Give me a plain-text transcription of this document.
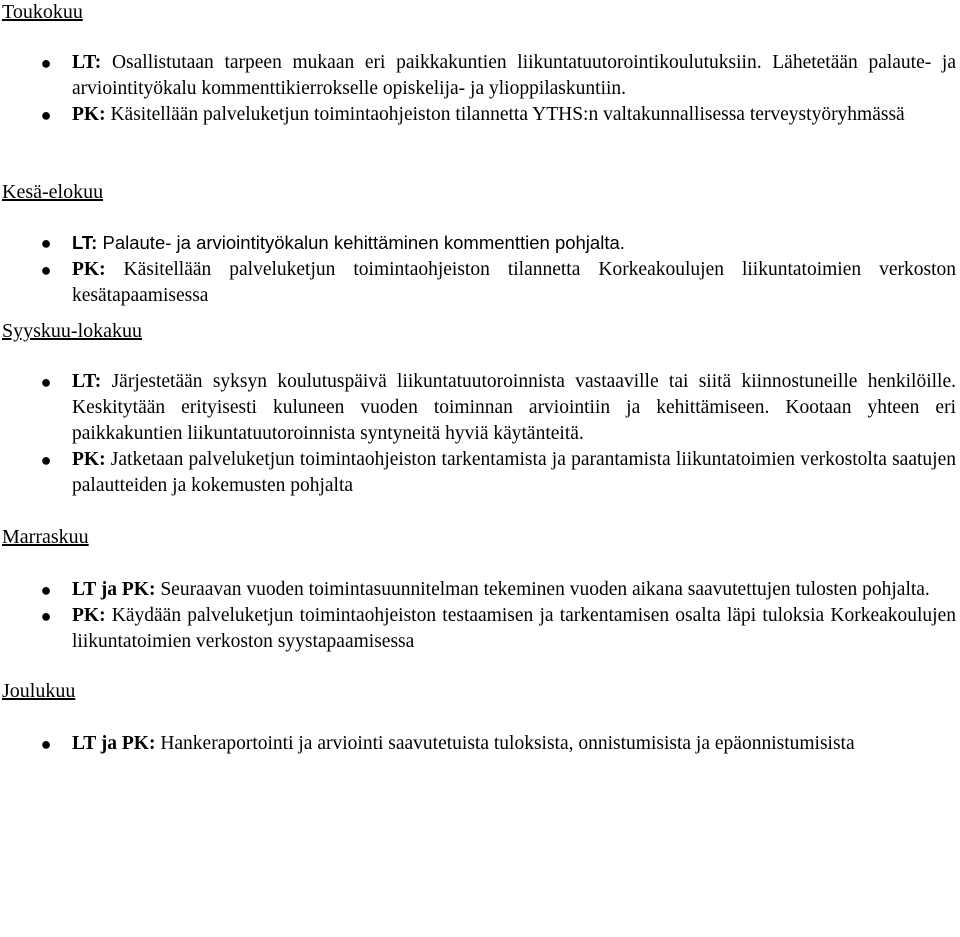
Toukokuu

● LT: Osallistutaan tarpeen mukaan eri paikkakuntien liikuntatuutorointikoulutuksiin. Lähetetään palaute- ja arviointityökalu kommenttikierrokselle opiskelija- ja ylioppilaskuntiin.
● PK: Käsitellään palveluketjun toimintaohjeiston tilannetta YTHS:n valtakunnallisessa terveystyöryhmässä

Kesä-elokuu

● LT: Palaute- ja arviointityökalun kehittäminen kommenttien pohjalta.
● PK: Käsitellään palveluketjun toimintaohjeiston tilannetta Korkeakoulujen liikuntatoimien verkoston kesätapaamisessa

Syyskuu-lokakuu

● LT: Järjestetään syksyn koulutuspäivä liikuntatuutoroinnista vastaaville tai siitä kiinnostuneille henkilöille. Keskitytään erityisesti kuluneen vuoden toiminnan arviointiin ja kehittämiseen. Kootaan yhteen eri paikkakuntien liikuntatuutoroinnista syntyneitä hyviä käytänteitä.
● PK: Jatketaan palveluketjun toimintaohjeiston tarkentamista ja parantamista liikuntatoimien verkostolta saatujen palautteiden ja kokemusten pohjalta

Marraskuu

● LT ja PK: Seuraavan vuoden toimintasuunnitelman tekeminen vuoden aikana saavutettujen tulosten pohjalta.
● PK: Käydään palveluketjun toimintaohjeiston testaamisen ja tarkentamisen osalta läpi tuloksia Korkeakoulujen liikuntatoimien verkoston syystapaamisessa

Joulukuu

● LT ja PK: Hankeraportointi ja arviointi saavutetuista tuloksista, onnistumisista ja epäonnistumisista
